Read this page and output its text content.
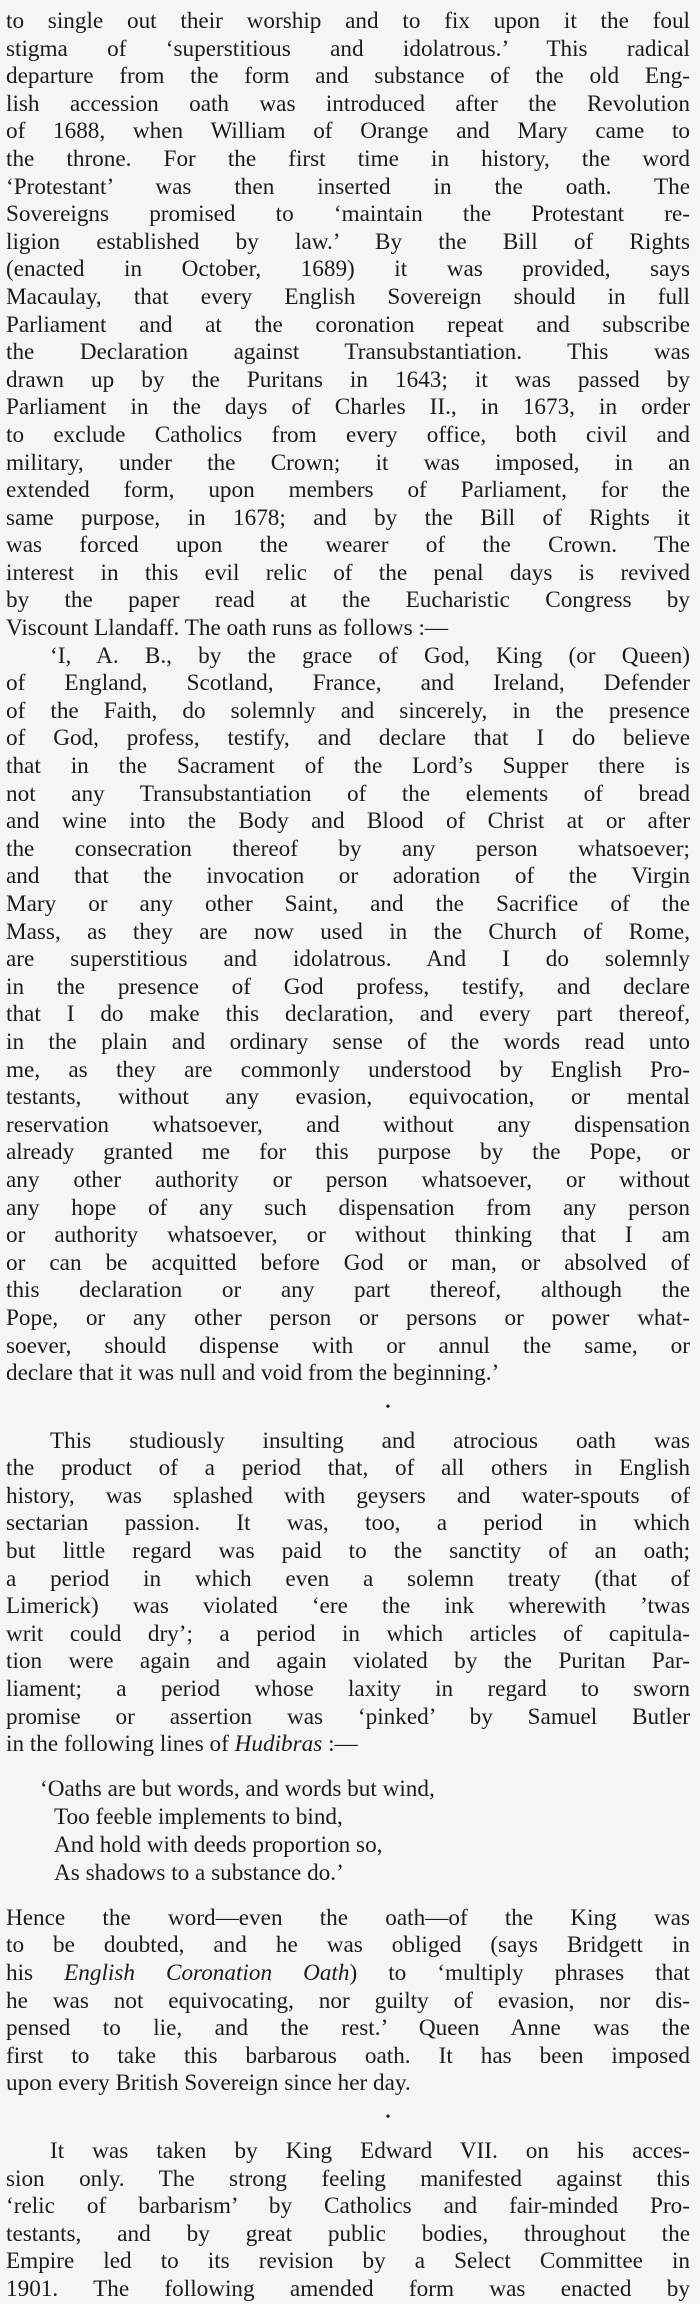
to single out their worship and to fix upon it the foul

stigma of ‘superstitious and idolatrous.’ This radical

departure from the form and substance of the old Eng-

lish accession oath was introduced after the Revolution

of 1688, when William of Orange and Mary came to

the throne. For the first time in history, the word

‘Protestant’ was then inserted in the oath. The

Sovereigns promised to ‘maintain the Protestant re-

ligion established by law.’ By the Bill of Rights

(enacted in October, 1689) it was provided, says

Macaulay, that every English Sovereign should in full

Parliament and at the coronation repeat and subscribe

the Declaration against Transubstantiation. This was

drawn up by the Puritans in 1643; it was passed by

Parliament in the days of Charles II., in 1673, in order

to exclude Catholics from every office, both civil and

military, under the Crown; it was imposed, in an

extended form, upon members of Parliament, for the

same purpose, in 1678; and by the Bill of Rights it

was forced upon the wearer of the Crown. The

interest in this evil relic of the penal days is revived

by the paper read at the Eucharistic Congress by

Viscount Llandaff. The oath runs as follows :—

‘I, A. B., by the grace of God, King (or Queen)

of England, Scotland, France, and Ireland, Defender

of the Faith, do solemnly and sincerely, in the presence

of God, profess, testify, and declare that I do believe

that in the Sacrament of the Lord’s Supper there is

not any Transubstantiation of the elements of bread

and wine into the Body and Blood of Christ at or after

the consecration thereof by any person whatsoever;

and that the invocation or adoration of the Virgin

Mary or any other Saint, and the Sacrifice of the

Mass, as they are now used in the Church of Rome,

are superstitious and idolatrous. And I do solemnly

in the presence of God profess, testify, and declare

that I do make this declaration, and every part thereof,

in the plain and ordinary sense of the words read unto

me, as they are commonly understood by English Pro-

testants, without any evasion, equivocation, or mental

reservation whatsoever, and without any dispensation

already granted me for this purpose by the Pope, or

any other authority or person whatsoever, or without

any hope of any such dispensation from any person

or authority whatsoever, or without thinking that I am

or can be acquitted before God or man, or absolved of

this declaration or any part thereof, although the

Pope, or any other person or persons or power what-

soever, should dispense with or annul the same, or

declare that it was null and void from the beginning.’

•

This studiously insulting and atrocious oath was

the product of a period that, of all others in English

history, was splashed with geysers and water-spouts of

sectarian passion. It was, too, a period in which

but little regard was paid to the sanctity of an oath;

a period in which even a solemn treaty (that of

Limerick) was violated ‘ere the ink wherewith ’twas

writ could dry’; a period in which articles of capitula-

tion were again and again violated by the Puritan Par-

liament; a period whose laxity in regard to sworn

promise or assertion was ‘pinked’ by Samuel Butler

in the following lines of Hudibras :—

‘Oaths are but words, and words but wind,
Too feeble implements to bind,
And hold with deeds proportion so,
As shadows to a substance do.’

Hence the word—even the oath—of the King was

to be doubted, and he was obliged (says Bridgett in

his English Coronation Oath) to ‘multiply phrases that

he was not equivocating, nor guilty of evasion, nor dis-

pensed to lie, and the rest.’ Queen Anne was the

first to take this barbarous oath. It has been imposed

upon every British Sovereign since her day.

•

It was taken by King Edward VII. on his acces-

sion only. The strong feeling manifested against this

‘relic of barbarism’ by Catholics and fair-minded Pro-

testants, and by great public bodies, throughout the

Empire led to its revision by a Select Committee in

1901. The following amended form was enacted by
